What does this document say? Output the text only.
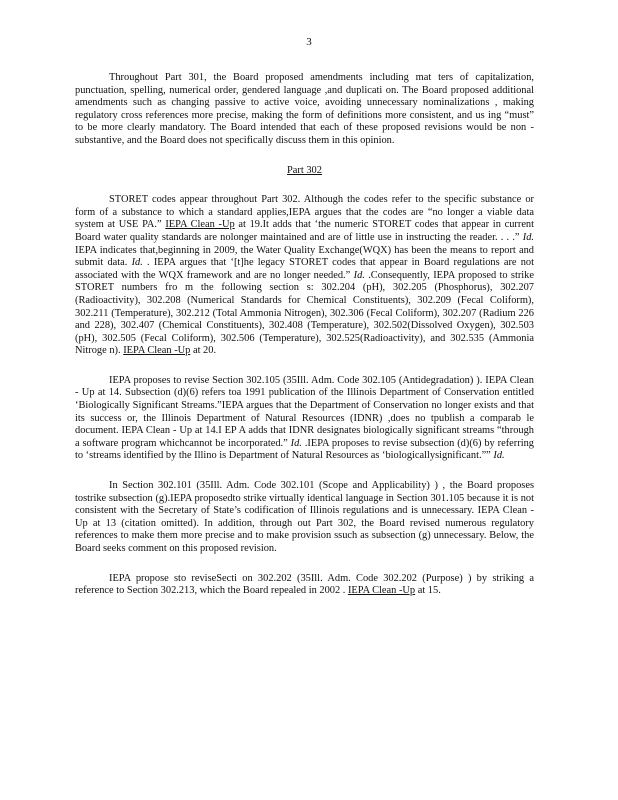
3

Throughout Part 301, the Board proposed amendments including mat ters of capitalization, punctuation, spelling, numerical order, gendered language ,and duplicati on. The Board proposed additional amendments such as changing passive to active voice, avoiding unnecessary nominalizations , making regulatory cross references more precise, making the form of definitions more consistent, and us ing “must” to be more clearly mandatory. The Board intended that each of these proposed revisions would be non -substantive, and the Board does not specifically discuss them in this opinion.

Part 302

STORET codes appear throughout Part 302. Although the codes refer to the specific substance or form of a substance to which a standard applies,IEPA argues that the codes are “no longer a viable data system at USE PA.” IEPA Clean -Up at 19.It adds that ‘the numeric STORET codes that appear in current Board water quality standards are nolonger maintained and are of little use in instructing the reader. . . .” Id. IEPA indicates that,beginning in 2009, the Water Quality Exchange(WQX) has been the means to report and submit data. Id. . IEPA argues that ‘[t]he legacy STORET codes that appear in Board regulations are not associated with the WQX framework and are no longer needed.” Id. .Consequently, IEPA proposed to strike STORET numbers fro m the following section s: 302.204 (pH), 302.205 (Phosphorus), 302.207 (Radioactivity), 302.208 (Numerical Standards for Chemical Constituents), 302.209 (Fecal Coliform), 302.211 (Temperature), 302.212 (Total Ammonia Nitrogen), 302.306 (Fecal Coliform), 302.207 (Radium 226 and 228), 302.407 (Chemical Constituents), 302.408 (Temperature), 302.502(Dissolved Oxygen), 302.503 (pH), 302.505 (Fecal Coliform), 302.506 (Temperature), 302.525(Radioactivity), and 302.535 (Ammonia Nitroge n). IEPA Clean -Up at 20.

IEPA proposes to revise Section 302.105 (35Ill. Adm. Code 302.105 (Antidegradation) ). IEPA Clean - Up at 14. Subsection (d)(6) refers toa 1991 publication of the Illinois Department of Conservation entitled ‘Biologically Significant Streams.”IEPA argues that the Department of Conservation no longer exists and that its success or, the Illinois Department of Natural Resources (IDNR) ,does no tpublish a comparab le document. IEPA Clean - Up at 14.I EP A adds that IDNR designates biologically significant streams “through a software program whichcannot be incorporated.” Id. .IEPA proposes to revise subsection (d)(6) by referring to ‘streams identified by the Illino is Department of Natural Resources as ‘biologicallysignificant.”” Id.

In Section 302.101 (35Ill. Adm. Code 302.101 (Scope and Applicability) ) , the Board proposes tostrike subsection (g).IEPA proposedto strike virtually identical language in Section 301.105 because it is not consistent with the Secretary of State’s codification of Illinois regulations and is unnecessary. IEPA Clean - Up at 13 (citation omitted). In addition, through out Part 302, the Board revised numerous regulatory references to make them more precise and to make provision ssuch as subsection (g) unnecessary. Below, the Board seeks comment on this proposed revision.

IEPA propose sto reviseSecti on 302.202 (35Ill. Adm. Code 302.202 (Purpose) ) by striking a reference to Section 302.213, which the Board repealed in 2002 . IEPA Clean -Up at 15.
